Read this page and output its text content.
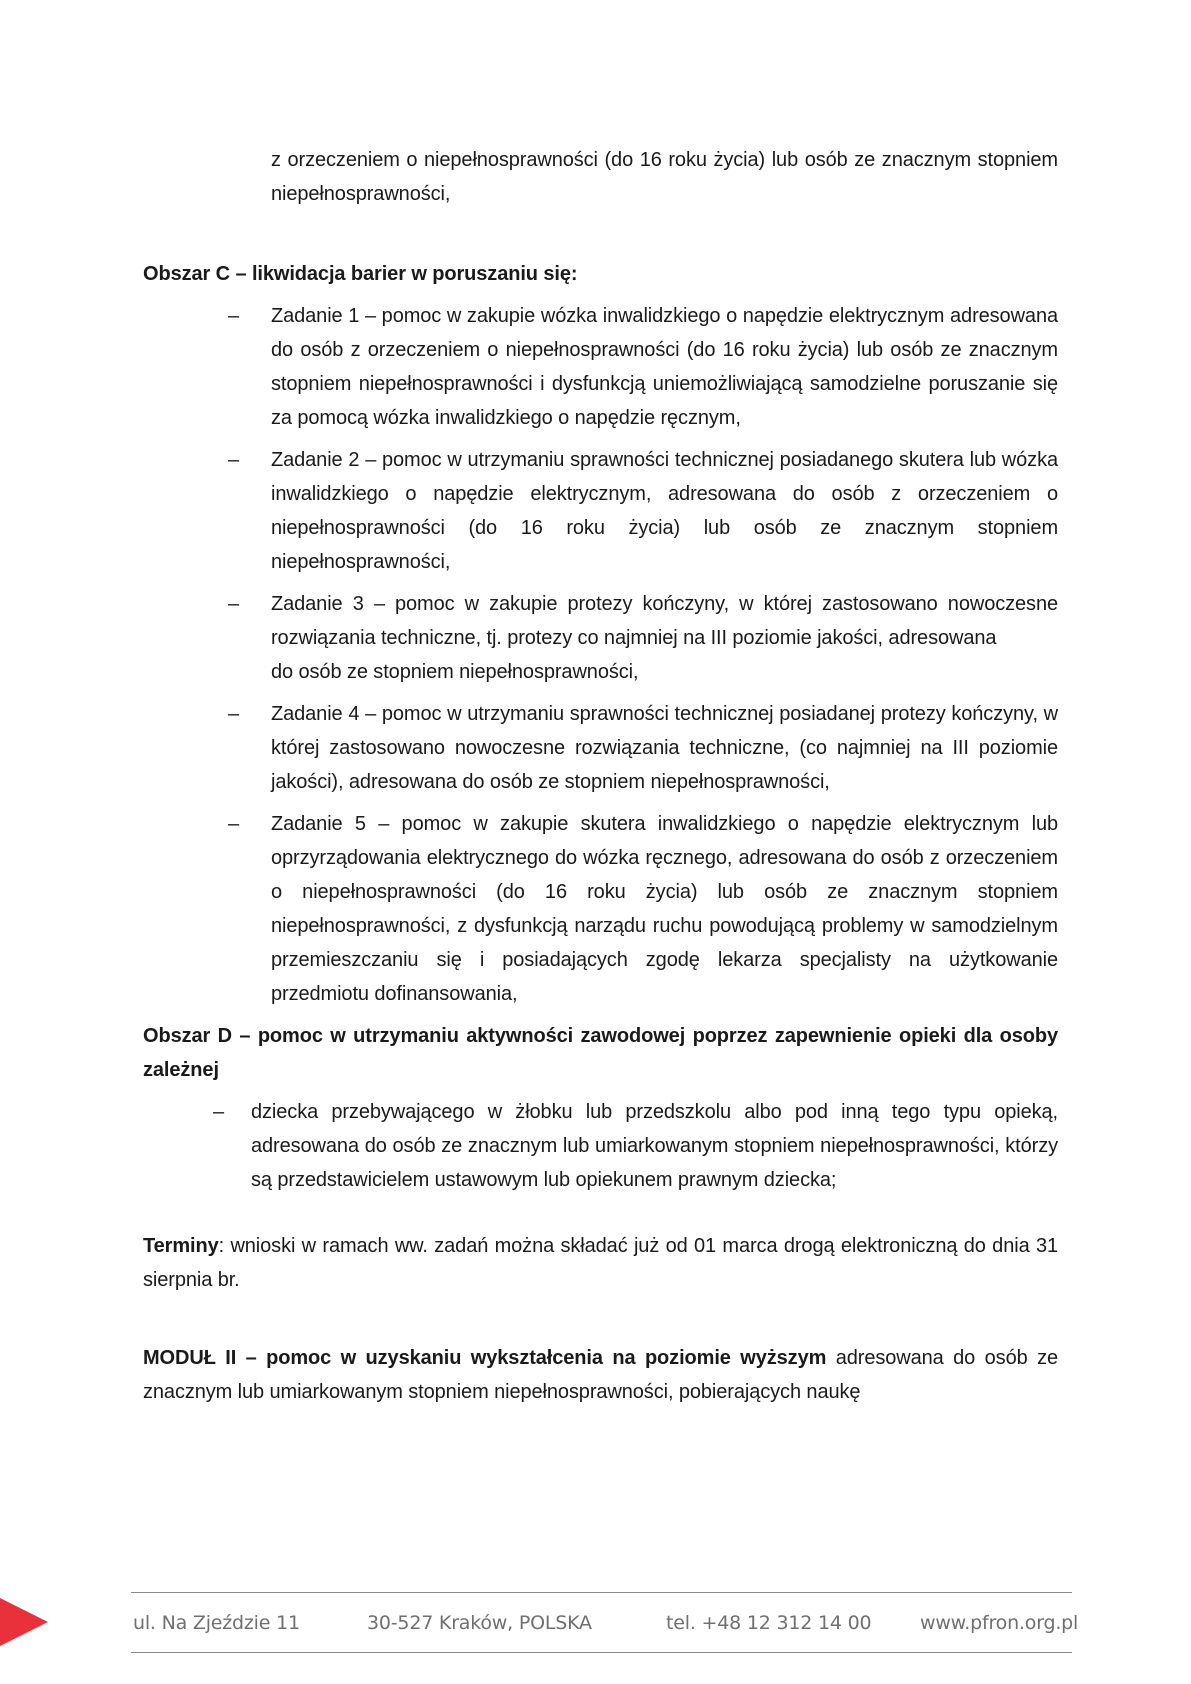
z orzeczeniem o niepełnosprawności (do 16 roku życia) lub osób ze znacznym stopniem niepełnosprawności,

Obszar C – likwidacja barier w poruszaniu się:

– Zadanie 1 – pomoc w zakupie wózka inwalidzkiego o napędzie elektrycznym adresowana do osób z orzeczeniem o niepełnosprawności (do 16 roku życia) lub osób ze znacznym stopniem niepełnosprawności i dysfunkcją uniemożliwiającą samodzielne poruszanie się za pomocą wózka inwalidzkiego o napędzie ręcznym,
– Zadanie 2 – pomoc w utrzymaniu sprawności technicznej posiadanego skutera lub wózka inwalidzkiego o napędzie elektrycznym, adresowana do osób z orzeczeniem o niepełnosprawności (do 16 roku życia) lub osób ze znacznym stopniem niepełnosprawności,
– Zadanie 3 – pomoc w zakupie protezy kończyny, w której zastosowano nowoczesne rozwiązania techniczne, tj. protezy co najmniej na III poziomie jakości, adresowana
do osób ze stopniem niepełnosprawności,
– Zadanie 4 – pomoc w utrzymaniu sprawności technicznej posiadanej protezy kończyny, w której zastosowano nowoczesne rozwiązania techniczne, (co najmniej na III poziomie jakości), adresowana do osób ze stopniem niepełnosprawności,
– Zadanie 5 – pomoc w zakupie skutera inwalidzkiego o napędzie elektrycznym lub oprzyrządowania elektrycznego do wózka ręcznego, adresowana do osób z orzeczeniem o niepełnosprawności (do 16 roku życia) lub osób ze znacznym stopniem niepełnosprawności, z dysfunkcją narządu ruchu powodującą problemy w samodzielnym przemieszczaniu się i posiadających zgodę lekarza specjalisty na użytkowanie przedmiotu dofinansowania,

Obszar D – pomoc w utrzymaniu aktywności zawodowej poprzez zapewnienie opieki dla osoby zależnej

– dziecka przebywającego w żłobku lub przedszkolu albo pod inną tego typu opieką, adresowana do osób ze znacznym lub umiarkowanym stopniem niepełnosprawności, którzy są przedstawicielem ustawowym lub opiekunem prawnym dziecka;

Terminy: wnioski w ramach ww. zadań można składać już od 01 marca drogą elektroniczną do dnia 31 sierpnia br.

MODUŁ II – pomoc w uzyskaniu wykształcenia na poziomie wyższym adresowana do osób ze znacznym lub umiarkowanym stopniem niepełnosprawności, pobierających naukę

ul. Na Zjeździe 11	30-527 Kraków, POLSKA	tel. +48 12 312 14 00	www.pfron.org.pl
